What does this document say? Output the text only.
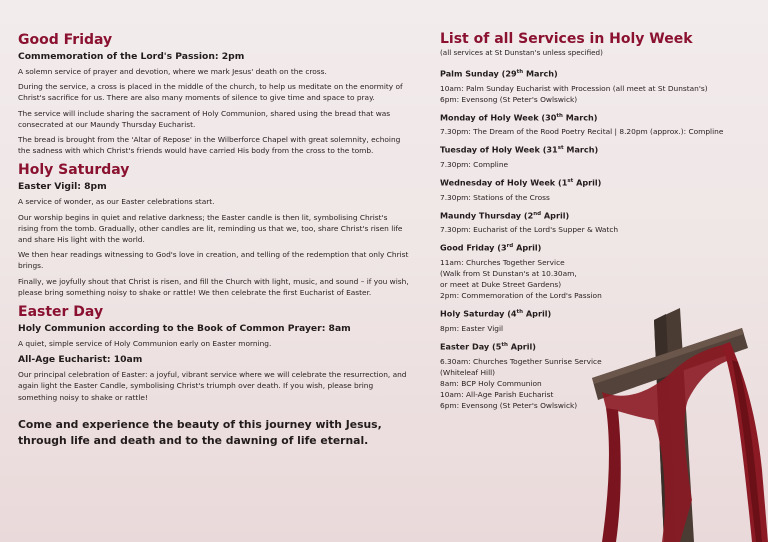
Good Friday
Commemoration of the Lord's Passion: 2pm

A solemn service of prayer and devotion, where we mark Jesus' death on the cross.

During the service, a cross is placed in the middle of the church, to help us meditate on the enormity of Christ's sacrifice for us. There are also many moments of silence to give time and space to pray.

The service will include sharing the sacrament of Holy Communion, shared using the bread that was consecrated at our Maundy Thursday Eucharist.

The bread is brought from the 'Altar of Repose' in the Wilberforce Chapel with great solemnity, echoing the sadness with which Christ's friends would have carried His body from the cross to the tomb.

Holy Saturday
Easter Vigil: 8pm

A service of wonder, as our Easter celebrations start.

Our worship begins in quiet and relative darkness; the Easter candle is then lit, symbolising Christ's rising from the tomb. Gradually, other candles are lit, reminding us that we, too, share Christ's risen life and share His light with the world.

We then hear readings witnessing to God's love in creation, and telling of the redemption that only Christ brings.

Finally, we joyfully shout that Christ is risen, and fill the Church with light, music, and sound – if you wish, please bring something noisy to shake or rattle! We then celebrate the first Eucharist of Easter.

Easter Day
Holy Communion according to the Book of Common Prayer: 8am

A quiet, simple service of Holy Communion early on Easter morning.

All-Age Eucharist: 10am

Our principal celebration of Easter: a joyful, vibrant service where we will celebrate the resurrection, and again light the Easter Candle, symbolising Christ's triumph over death. If you wish, please bring something noisy to shake or rattle!

Come and experience the beauty of this journey with Jesus, through life and death and to the dawning of life eternal.
List of all Services in Holy Week
(all services at St Dunstan's unless specified)
Palm Sunday (29th March)
10am: Palm Sunday Eucharist with Procession (all meet at St Dunstan's)
6pm: Evensong (St Peter's Owlswick)
Monday of Holy Week (30th March)
7.30pm: The Dream of the Rood Poetry Recital | 8.20pm (approx.): Compline
Tuesday of Holy Week (31st March)
7.30pm: Compline
Wednesday of Holy Week (1st April)
7.30pm: Stations of the Cross
Maundy Thursday (2nd April)
7.30pm: Eucharist of the Lord's Supper & Watch
Good Friday (3rd April)
11am: Churches Together Service
(Walk from St Dunstan's at 10.30am,
or meet at Duke Street Gardens)
2pm: Commemoration of the Lord's Passion
Holy Saturday (4th April)
8pm: Easter Vigil
Easter Day (5th April)
6.30am: Churches Together Sunrise Service
(Whiteleaf Hill)
8am: BCP Holy Communion
10am: All-Age Parish Eucharist
6pm: Evensong (St Peter's Owlswick)
